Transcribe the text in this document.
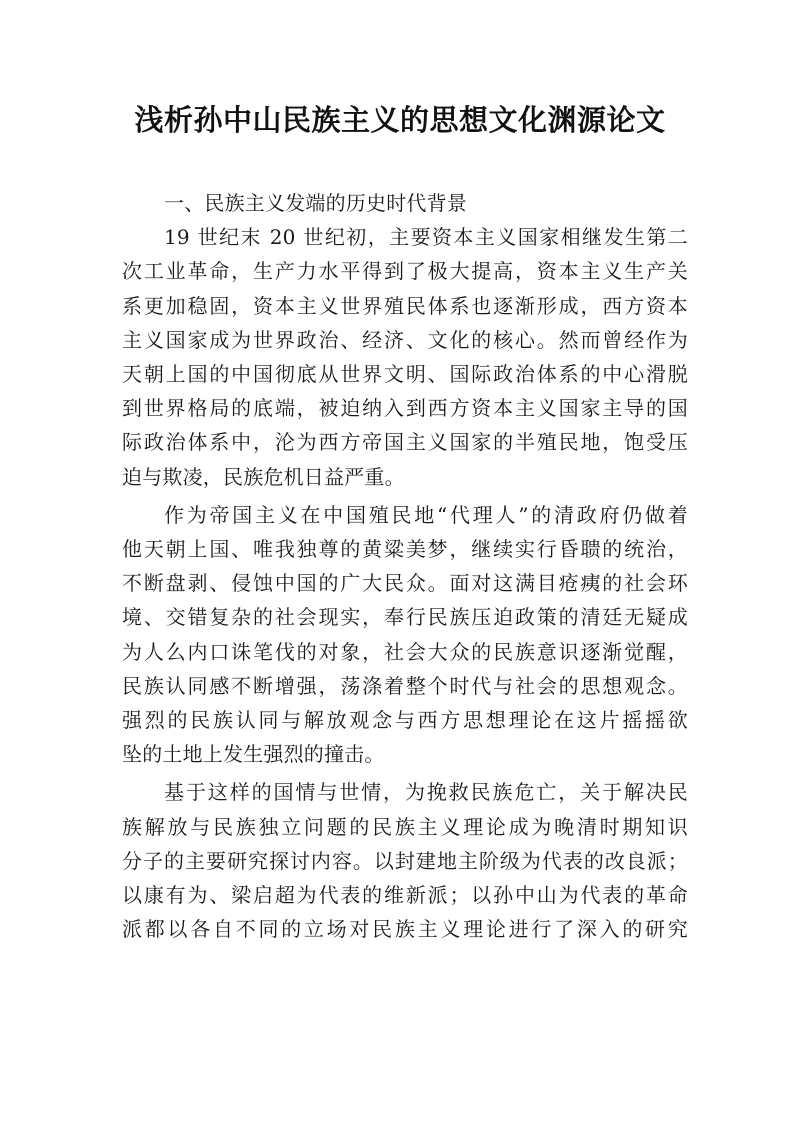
浅析孙中山民族主义的思想文化渊源论文
一、民族主义发端的历史时代背景
19 世纪末 20 世纪初，主要资本主义国家相继发生第二
次工业革命，生产力水平得到了极大提高，资本主义生产关
系更加稳固，资本主义世界殖民体系也逐渐形成，西方资本
主义国家成为世界政治、经济、文化的核心。然而曾经作为
天朝上国的中国彻底从世界文明、国际政治体系的中心滑脱
到世界格局的底端，被迫纳入到西方资本主义国家主导的国
际政治体系中，沦为西方帝国主义国家的半殖民地，饱受压
迫与欺凌，民族危机日益严重。
作为帝国主义在中国殖民地“代理人”的清政府仍做着
他天朝上国、唯我独尊的黄粱美梦，继续实行昏聩的统治，
不断盘剥、侵蚀中国的广大民众。面对这满目疮痍的社会环
境、交错复杂的社会现实，奉行民族压迫政策的清廷无疑成
为人么内口诛笔伐的对象，社会大众的民族意识逐渐觉醒，
民族认同感不断增强，荡涤着整个时代与社会的思想观念。
强烈的民族认同与解放观念与西方思想理论在这片摇摇欲
坠的土地上发生强烈的撞击。
基于这样的国情与世情，为挽救民族危亡，关于解决民
族解放与民族独立问题的民族主义理论成为晚清时期知识
分子的主要研究探讨内容。以封建地主阶级为代表的改良派；
以康有为、梁启超为代表的维新派；以孙中山为代表的革命
派都以各自不同的立场对民族主义理论进行了深入的研究
